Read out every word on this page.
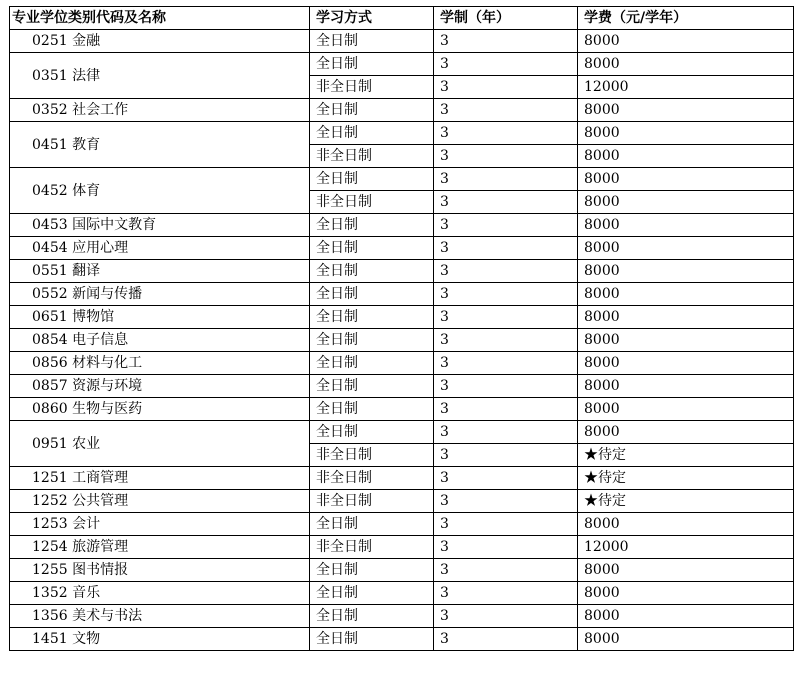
专业学位类别代码及名称	学习方式	学制（年）	学费（元/学年）
0251 金融	全日制	3	8000
0351 法律	全日制	3	8000
	非全日制	3	12000
0352 社会工作	全日制	3	8000
0451 教育	全日制	3	8000
	非全日制	3	8000
0452 体育	全日制	3	8000
	非全日制	3	8000
0453 国际中文教育	全日制	3	8000
0454 应用心理	全日制	3	8000
0551 翻译	全日制	3	8000
0552 新闻与传播	全日制	3	8000
0651 博物馆	全日制	3	8000
0854 电子信息	全日制	3	8000
0856 材料与化工	全日制	3	8000
0857 资源与环境	全日制	3	8000
0860 生物与医药	全日制	3	8000
0951 农业	全日制	3	8000
	非全日制	3	★待定
1251 工商管理	非全日制	3	★待定
1252 公共管理	非全日制	3	★待定
1253 会计	全日制	3	8000
1254 旅游管理	非全日制	3	12000
1255 图书情报	全日制	3	8000
1352 音乐	全日制	3	8000
1356 美术与书法	全日制	3	8000
1451 文物	全日制	3	8000
